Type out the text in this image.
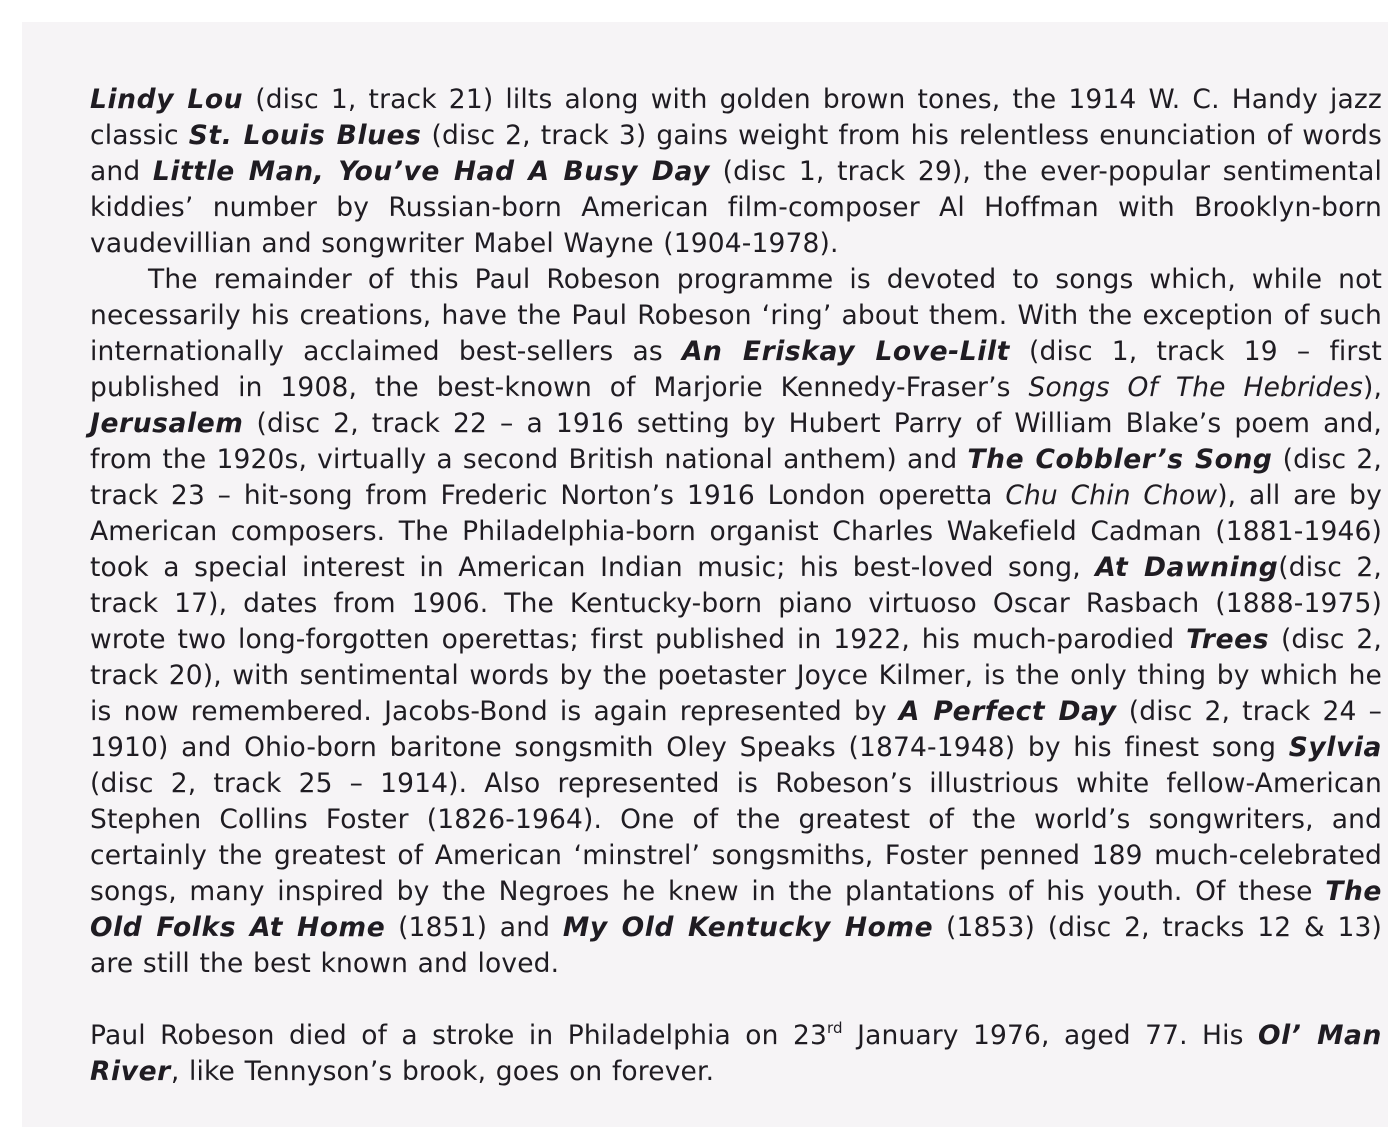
Lindy Lou (disc 1, track 21) lilts along with golden brown tones, the 1914 W. C. Handy jazz classic St. Louis Blues (disc 2, track 3) gains weight from his relentless enunciation of words and Little Man, You’ve Had A Busy Day (disc 1, track 29), the ever-popular sentimental kiddies’ number by Russian-born American film-composer Al Hoffman with Brooklyn-born vaudevillian and songwriter Mabel Wayne (1904-1978).

The remainder of this Paul Robeson programme is devoted to songs which, while not necessarily his creations, have the Paul Robeson ‘ring’ about them. With the exception of such internationally acclaimed best-sellers as An Eriskay Love-Lilt (disc 1, track 19 – first published in 1908, the best-known of Marjorie Kennedy-Fraser’s Songs Of The Hebrides), Jerusalem (disc 2, track 22 – a 1916 setting by Hubert Parry of William Blake’s poem and, from the 1920s, virtually a second British national anthem) and The Cobbler’s Song (disc 2, track 23 – hit-song from Frederic Norton’s 1916 London operetta Chu Chin Chow), all are by American composers. The Philadelphia-born organist Charles Wakefield Cadman (1881-1946) took a special interest in American Indian music; his best-loved song, At Dawning(disc 2, track 17), dates from 1906. The Kentucky-born piano virtuoso Oscar Rasbach (1888-1975) wrote two long-forgotten operettas; first published in 1922, his much-parodied Trees (disc 2, track 20), with sentimental words by the poetaster Joyce Kilmer, is the only thing by which he is now remembered. Jacobs-Bond is again represented by A Perfect Day (disc 2, track 24 – 1910) and Ohio-born baritone songsmith Oley Speaks (1874-1948) by his finest song Sylvia (disc 2, track 25 – 1914). Also represented is Robeson’s illustrious white fellow-American Stephen Collins Foster (1826-1964). One of the greatest of the world’s songwriters, and certainly the greatest of American ‘minstrel’ songsmiths, Foster penned 189 much-celebrated songs, many inspired by the Negroes he knew in the plantations of his youth. Of these The Old Folks At Home (1851) and My Old Kentucky Home (1853) (disc 2, tracks 12 & 13) are still the best known and loved.

Paul Robeson died of a stroke in Philadelphia on 23rd January 1976, aged 77. His Ol’ Man River, like Tennyson’s brook, goes on forever.
